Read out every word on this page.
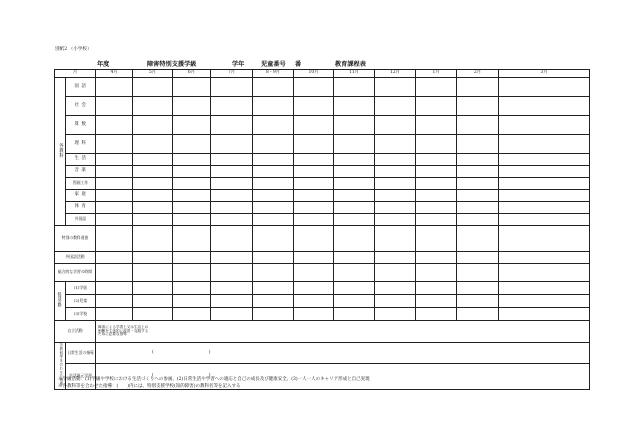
別紙2 （小学校）
年度	障害特別支援学級	学年	児童番号 番	教育課程表
月		4月	5月	6月	7月	8・9月	10月	11月	12月	1月	2月	3月
各教科	国 語											
	社 会											
	算 数											
	理 科											
	生 活											
	音 楽											
	図画工作											
	家 庭											
	体 育											
	外国語											
特別の教科道徳												
外国語活動												
総合的な学習の時間												
特別活動	(1)学級											
	(2)児童											
	(3)学校											
自立活動		障害による学習上又は生活上の困難を主体的に改善・克服するために必要な指導										
各教科等を合わせた指導	日常生活の指導	( )										
	生活単元学習	( )										
※学級活動：(1)学級や学校における生活づくりへの参画、(2)日常生活や学習への適応と自己の成長及び健康安全、(3)一人一人のキャリア形成と自己実現
※各教科等を合わせた指導：(　　)内には、特別支援学校(知的障害)の教科名等を記入する
